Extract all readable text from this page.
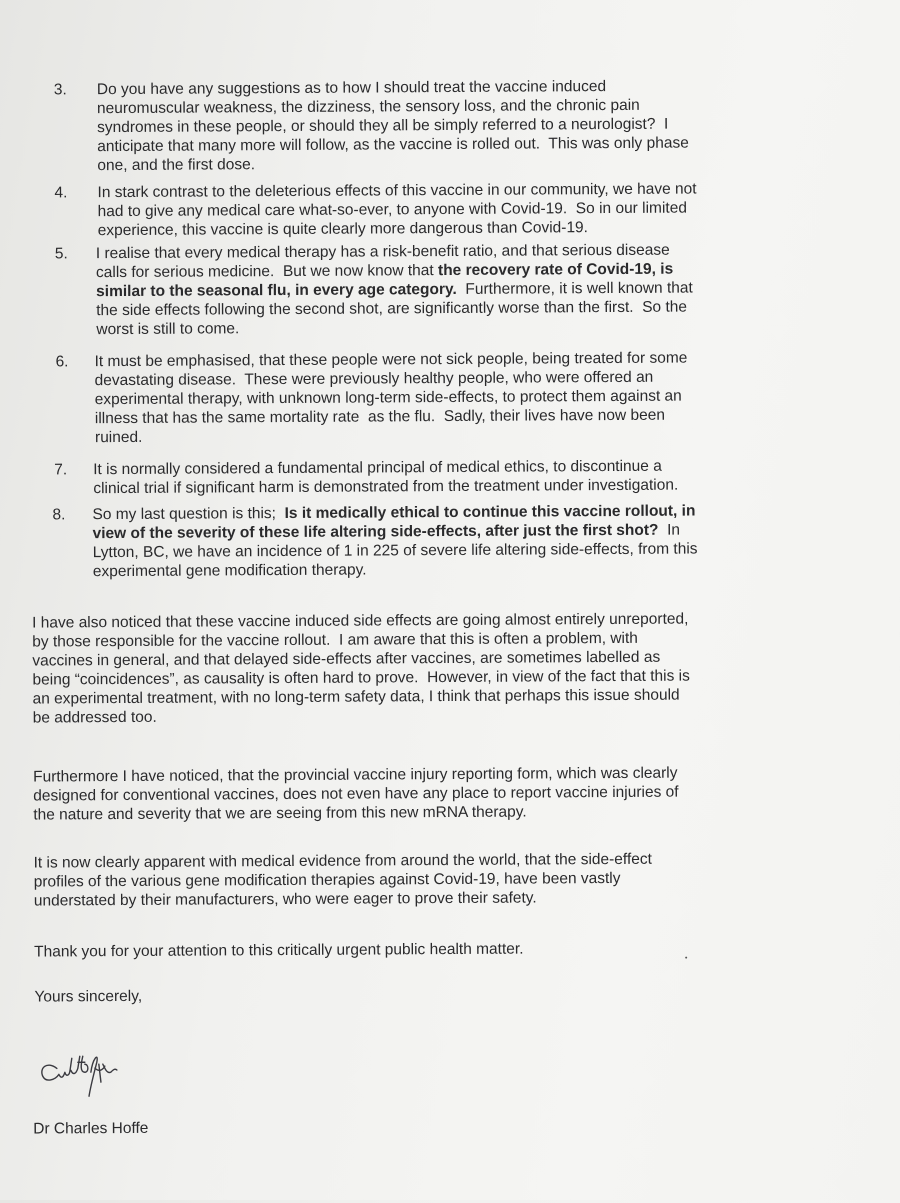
3. Do you have any suggestions as to how I should treat the vaccine induced
neuromuscular weakness, the dizziness, the sensory loss, and the chronic pain
syndromes in these people, or should they all be simply referred to a neurologist?  I
anticipate that many more will follow, as the vaccine is rolled out.  This was only phase
one, and the first dose.
4. In stark contrast to the deleterious effects of this vaccine in our community, we have not
had to give any medical care what-so-ever, to anyone with Covid-19.  So in our limited
experience, this vaccine is quite clearly more dangerous than Covid-19.
5. I realise that every medical therapy has a risk-benefit ratio, and that serious disease
calls for serious medicine.  But we now know that the recovery rate of Covid-19, is
similar to the seasonal flu, in every age category.  Furthermore, it is well known that
the side effects following the second shot, are significantly worse than the first.  So the
worst is still to come.
6. It must be emphasised, that these people were not sick people, being treated for some
devastating disease.  These were previously healthy people, who were offered an
experimental therapy, with unknown long-term side-effects, to protect them against an
illness that has the same mortality rate  as the flu.  Sadly, their lives have now been
ruined.
7. It is normally considered a fundamental principal of medical ethics, to discontinue a
clinical trial if significant harm is demonstrated from the treatment under investigation.
8. So my last question is this;  Is it medically ethical to continue this vaccine rollout, in
view of the severity of these life altering side-effects, after just the first shot?  In
Lytton, BC, we have an incidence of 1 in 225 of severe life altering side-effects, from this
experimental gene modification therapy.
I have also noticed that these vaccine induced side effects are going almost entirely unreported,
by those responsible for the vaccine rollout.  I am aware that this is often a problem, with
vaccines in general, and that delayed side-effects after vaccines, are sometimes labelled as
being “coincidences”, as causality is often hard to prove.  However, in view of the fact that this is
an experimental treatment, with no long-term safety data, I think that perhaps this issue should
be addressed too.
Furthermore I have noticed, that the provincial vaccine injury reporting form, which was clearly
designed for conventional vaccines, does not even have any place to report vaccine injuries of
the nature and severity that we are seeing from this new mRNA therapy.
It is now clearly apparent with medical evidence from around the world, that the side-effect
profiles of the various gene modification therapies against Covid-19, have been vastly
understated by their manufacturers, who were eager to prove their safety.
Thank you for your attention to this critically urgent public health matter.
Yours sincerely,
Dr Charles Hoffe
